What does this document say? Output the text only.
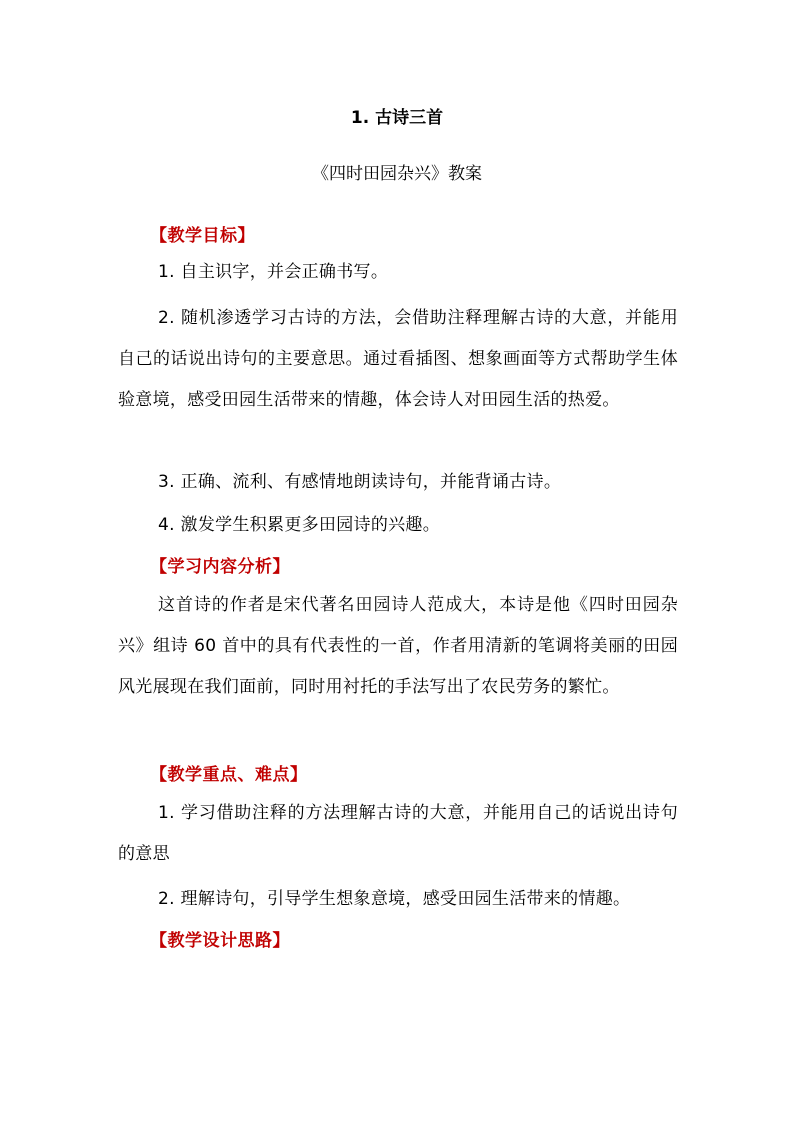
1. 古诗三首
《四时田园杂兴》教案
【教学目标】

1. 自主识字，并会正确书写。

2. 随机渗透学习古诗的方法，会借助注释理解古诗的大意，并能用自己的话说出诗句的主要意思。通过看插图、想象画面等方式帮助学生体验意境，感受田园生活带来的情趣，体会诗人对田园生活的热爱。

3. 正确、流利、有感情地朗读诗句，并能背诵古诗。

4. 激发学生积累更多田园诗的兴趣。

【学习内容分析】

这首诗的作者是宋代著名田园诗人范成大，本诗是他《四时田园杂兴》组诗 60 首中的具有代表性的一首，作者用清新的笔调将美丽的田园风光展现在我们面前，同时用衬托的手法写出了农民劳务的繁忙。

【教学重点、难点】

1. 学习借助注释的方法理解古诗的大意，并能用自己的话说出诗句的意思

2. 理解诗句，引导学生想象意境，感受田园生活带来的情趣。

【教学设计思路】
